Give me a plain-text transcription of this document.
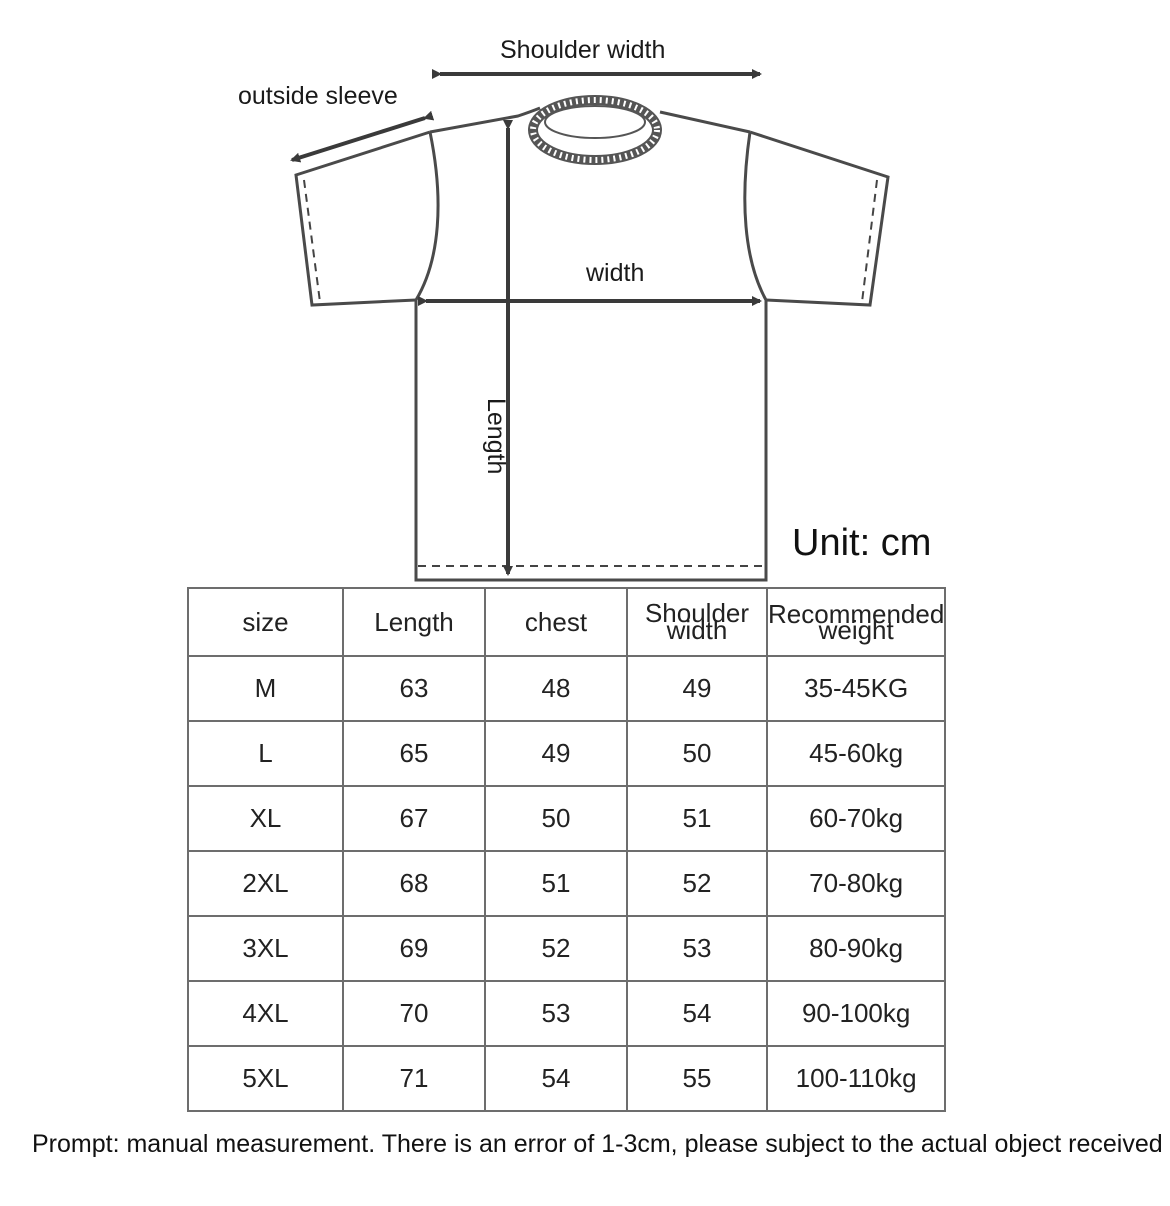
Shoulder width
outside sleeve
width
Length
Unit: cm
size	Length	chest	Shoulder width	Recommended weight
M	63	48	49	35-45KG
L	65	49	50	45-60kg
XL	67	50	51	60-70kg
2XL	68	51	52	70-80kg
3XL	69	52	53	80-90kg
4XL	70	53	54	90-100kg
5XL	71	54	55	100-110kg
Prompt: manual measurement. There is an error of 1-3cm, please subject to the actual object received
